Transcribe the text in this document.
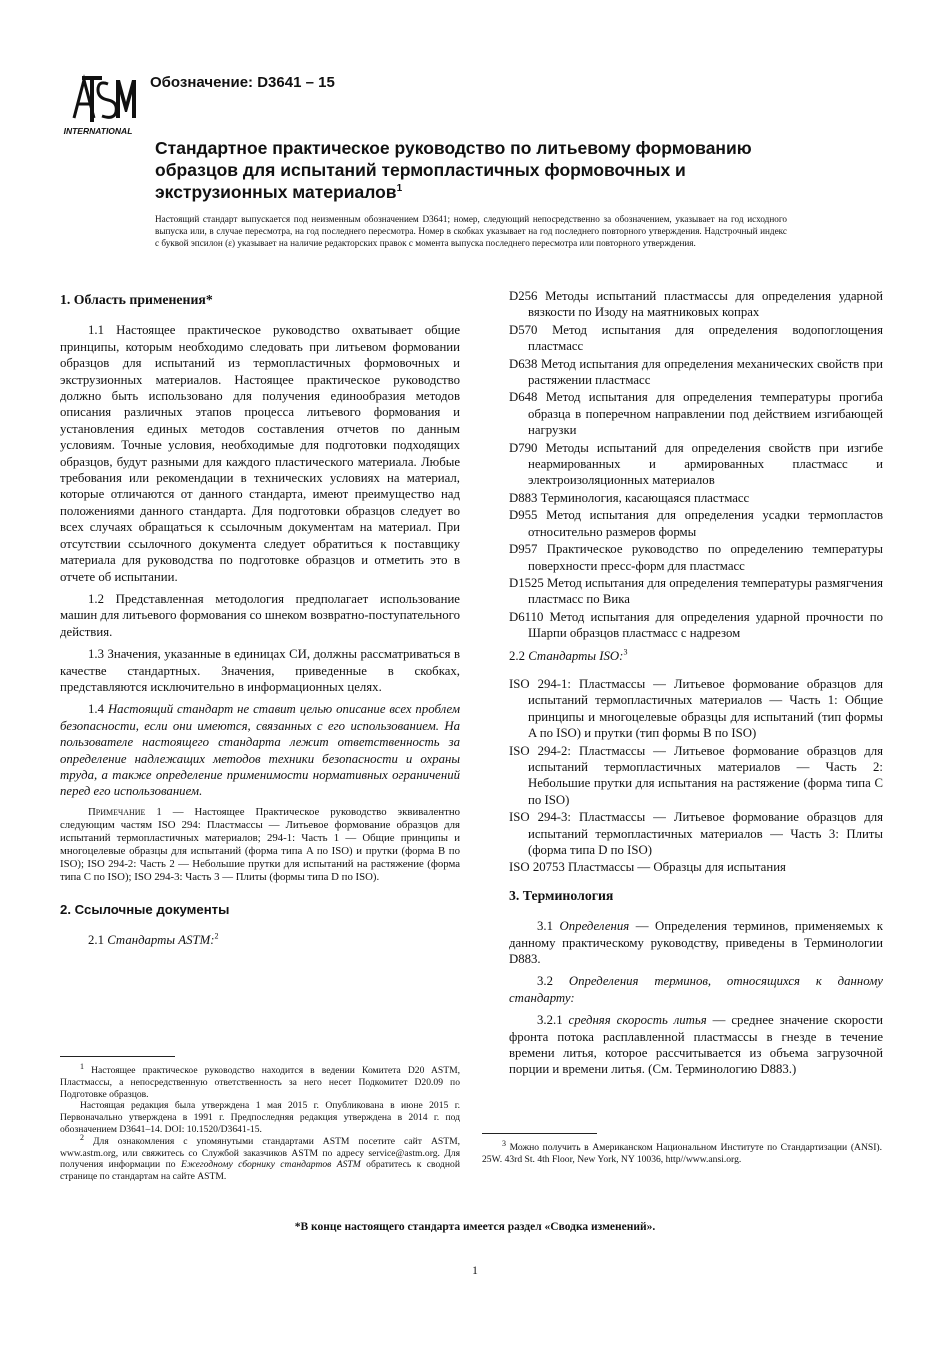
INTERNATIONAL
Обозначение: D3641 – 15
Стандартное практическое руководство по литьевому формованию образцов для испытаний термопластичных формовочных и экструзионных материалов$^1$

Настоящий стандарт выпускается под неизменным обозначением D3641; номер, следующий непосредственно за обозначением, указывает на год исходного выпуска или, в случае пересмотра, на год последнего пересмотра. Номер в скобках указывает на год последнего повторного утверждения. Надстрочный индекс с буквой эпсилон (ε) указывает на наличие редакторских правок с момента выпуска последнего пересмотра или повторного утверждения.

1. Область применения*

1.1 Настоящее практическое руководство охватывает общие принципы, которым необходимо следовать при литьевом формовании образцов для испытаний из термопластичных формовочных и экструзионных материалов. Настоящее практическое руководство должно быть использовано для получения единообразия методов описания различных этапов процесса литьевого формования и установления единых методов составления отчетов по данным условиям. Точные условия, необходимые для подготовки подходящих образцов, будут разными для каждого пластического материала. Любые требования или рекомендации в технических условиях на материал, которые отличаются от данного стандарта, имеют преимущество над положениями данного стандарта. Для подготовки образцов следует во всех случаях обращаться к ссылочным документам на материал. При отсутствии ссылочного документа следует обратиться к поставщику материала для руководства по подготовке образцов и отметить это в отчете об испытании.

1.2 Представленная методология предполагает использование машин для литьевого формования со шнеком возвратно-поступательного действия.

1.3 Значения, указанные в единицах СИ, должны рассматриваться в качестве стандартных. Значения, приведенные в скобках, представляются исключительно в информационных целях.

1.4 Настоящий стандарт не ставит целью описание всех проблем безопасности, если они имеются, связанных с его использованием. На пользователе настоящего стандарта лежит ответственность за определение надлежащих методов техники безопасности и охраны труда, а также определение применимости нормативных ограничений перед его использованием.

Примечание 1 — Настоящее Практическое руководство эквивалентно следующим частям ISO 294: Пластмассы — Литьевое формование образцов для испытаний термопластичных материалов; 294-1: Часть 1 — Общие принципы и многоцелевые образцы для испытаний (форма типа A по ISO) и прутки (форма B по ISO); ISO 294-2: Часть 2 — Небольшие прутки для испытаний на растяжение (форма типа C по ISO); ISO 294-3: Часть 3 — Плиты (формы типа D по ISO).

2. Ссылочные документы

2.1 Стандарты ASTM:$^2$

$^1$ Настоящее практическое руководство находится в ведении Комитета D20 ASTM, Пластмассы, а непосредственную ответственность за него несет Подкомитет D20.09 по Подготовке образцов.

Настоящая редакция была утверждена 1 мая 2015 г. Опубликована в июне 2015 г. Первоначально утверждена в 1991 г. Предпоследняя редакция утверждена в 2014 г. под обозначением D3641–14. DOI: 10.1520/D3641-15.

$^2$ Для ознакомления с упомянутыми стандартами ASTM посетите сайт ASTM, www.astm.org, или свяжитесь со Службой заказчиков ASTM по адресу service@astm.org. Для получения информации по Ежегодному сборнику стандартов ASTM обратитесь к сводной странице по стандартам на сайте ASTM.

D256 Методы испытаний пластмассы для определения ударной вязкости по Изоду на маятниковых копрах

D570 Метод испытания для определения водопоглощения пластмасс

D638 Метод испытания для определения механических свойств при растяжении пластмасс

D648 Метод испытания для определения температуры прогиба образца в поперечном направлении под действием изгибающей нагрузки

D790 Методы испытаний для определения свойств при изгибе неармированных и армированных пластмасс и электроизоляционных материалов

D883 Терминология, касающаяся пластмасс

D955 Метод испытания для определения усадки термопластов относительно размеров формы

D957 Практическое руководство по определению температуры поверхности пресс-форм для пластмасс

D1525 Метод испытания для определения температуры размягчения пластмасс по Вика

D6110 Метод испытания для определения ударной прочности по Шарпи образцов пластмасс с надрезом

2.2 Стандарты ISO:$^3$

ISO 294-1: Пластмассы — Литьевое формование образцов для испытаний термопластичных материалов — Часть 1: Общие принципы и многоцелевые образцы для испытаний (тип формы A по ISO) и прутки (тип формы B по ISO)

ISO 294-2: Пластмассы — Литьевое формование образцов для испытаний термопластичных материалов — Часть 2: Небольшие прутки для испытания на растяжение (форма типа C по ISO)

ISO 294-3: Пластмассы — Литьевое формование образцов для испытаний термопластичных материалов — Часть 3: Плиты (форма типа D по ISO)

ISO 20753 Пластмассы — Образцы для испытания

3. Терминология

3.1 Определения — Определения терминов, применяемых к данному практическому руководству, приведены в Терминологии D883.

3.2 Определения терминов, относящихся к данному стандарту:

3.2.1 средняя скорость литья — среднее значение скорости фронта потока расплавленной пластмассы в гнезде в течение времени литья, которое рассчитывается из объема загрузочной порции и времени литья. (См. Терминологию D883.)

$^3$ Можно получить в Американском Национальном Институте по Стандартизации (ANSI). 25W. 43rd St. 4th Floor, New York, NY 10036, http//www.ansi.org.

*В конце настоящего стандарта имеется раздел «Сводка изменений».
1
